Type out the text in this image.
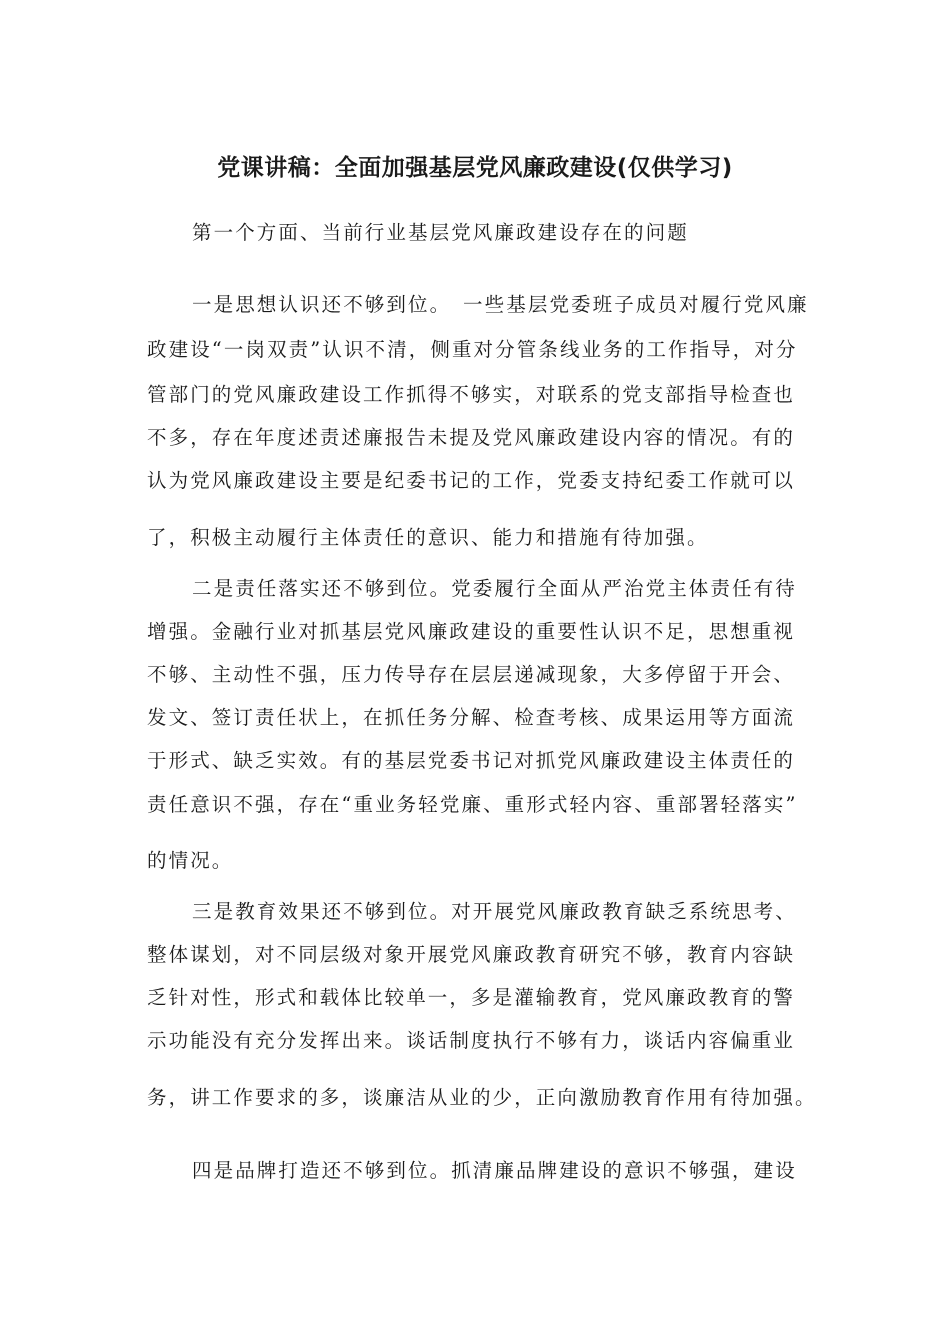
党课讲稿：全面加强基层党风廉政建设(仅供学习)

第一个方面、当前行业基层党风廉政建设存在的问题

一是思想认识还不够到位。　一些基层党委班子成员对履行党风廉

政建设“一岗双责”认识不清，侧重对分管条线业务的工作指导，对分

管部门的党风廉政建设工作抓得不够实，对联系的党支部指导检查也

不多，存在年度述责述廉报告未提及党风廉政建设内容的情况。有的

认为党风廉政建设主要是纪委书记的工作，党委支持纪委工作就可以

了，积极主动履行主体责任的意识、能力和措施有待加强。

二是责任落实还不够到位。党委履行全面从严治党主体责任有待

增强。金融行业对抓基层党风廉政建设的重要性认识不足，思想重视

不够、主动性不强，压力传导存在层层递减现象，大多停留于开会、

发文、签订责任状上，在抓任务分解、检查考核、成果运用等方面流

于形式、缺乏实效。有的基层党委书记对抓党风廉政建设主体责任的

责任意识不强，存在“重业务轻党廉、重形式轻内容、重部署轻落实”

的情况。

三是教育效果还不够到位。对开展党风廉政教育缺乏系统思考、

整体谋划，对不同层级对象开展党风廉政教育研究不够，教育内容缺

乏针对性，形式和载体比较单一，多是灌输教育，党风廉政教育的警

示功能没有充分发挥出来。谈话制度执行不够有力，谈话内容偏重业

务，讲工作要求的多，谈廉洁从业的少，正向激励教育作用有待加强。

四是品牌打造还不够到位。抓清廉品牌建设的意识不够强，建设
